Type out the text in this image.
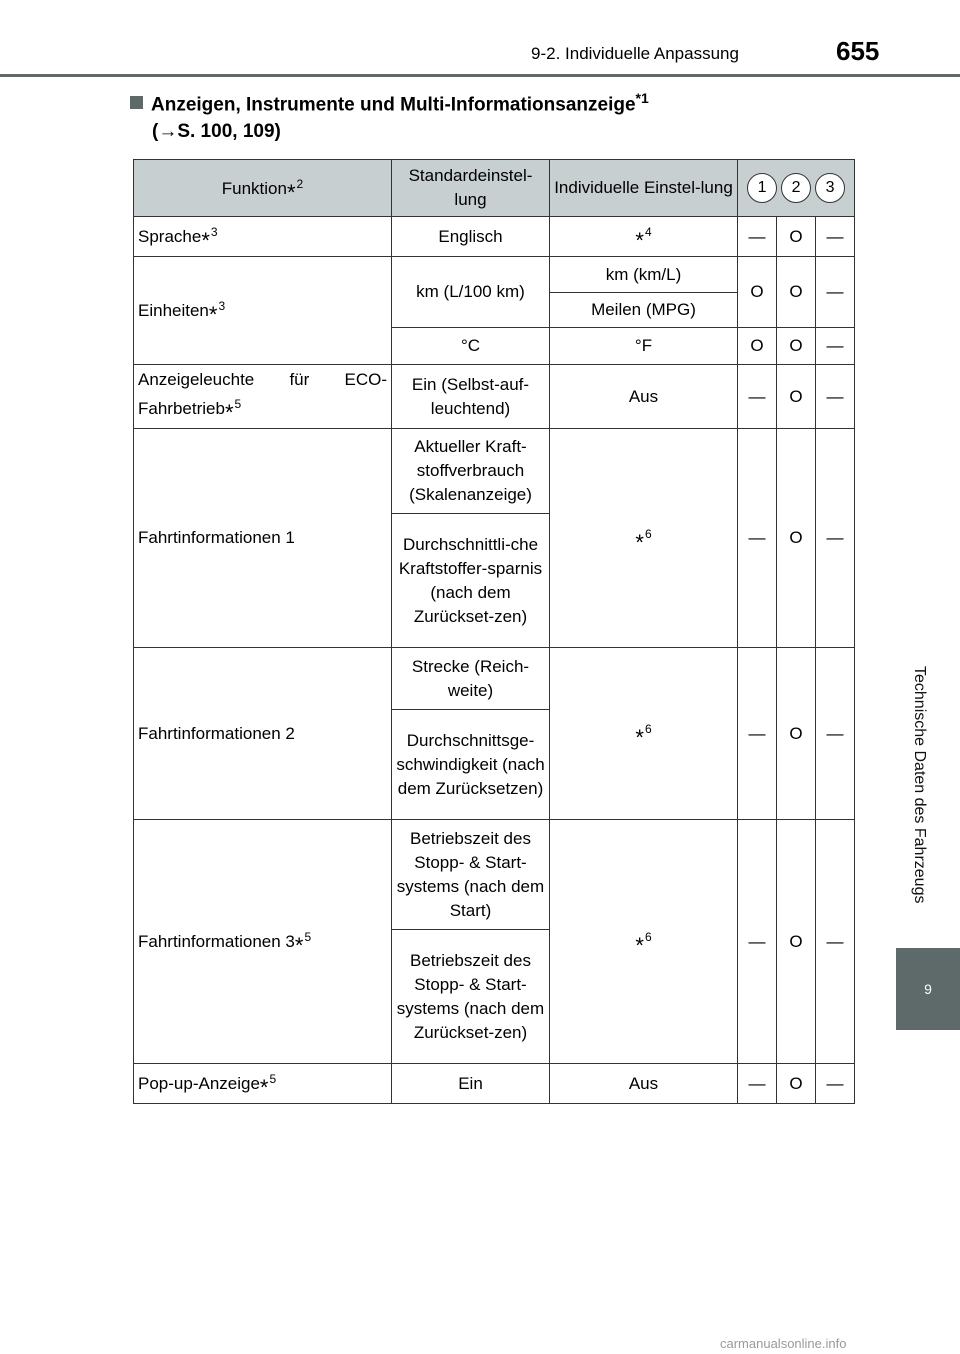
9-2. Individuelle Anpassung	655
Technische Daten des Fahrzeugs
9
Anzeigen, Instrumente und Multi-Informationsanzeige$^{*1}$
(→S. 100, 109)
Funktion*$^2$	Standardeinstel-lung	Individuelle Einstel-lung	1 2 3		

Sprache*$^3$	Englisch	*$^4$	—	O	—
Einheiten*$^3$	km (L/100 km)	km (km/L)	O	O	—
		Meilen (MPG)			
	°C	°F	O	O	—
Anzeigeleuchte für ECO-Fahrbetrieb*$^5$	Ein (Selbst-auf-leuchtend)	Aus	—	O	—
Fahrtinformationen 1	Aktueller Kraft-stoffverbrauch (Skalenanzeige)	*$^6$	—	O	—
	Durchschnittli-che Kraftstoffer-sparnis (nach dem Zurückset-zen)				
Fahrtinformationen 2	Strecke (Reich-weite)	*$^6$	—	O	—
	Durchschnittsge-schwindigkeit (nach dem Zurücksetzen)				
Fahrtinformationen 3*$^5$	Betriebszeit des Stopp- & Start-systems (nach dem Start)	*$^6$	—	O	—
	Betriebszeit des Stopp- & Start-systems (nach dem Zurückset-zen)				
Pop-up-Anzeige*$^5$	Ein	Aus	—	O	—
carmanualsonline.info
